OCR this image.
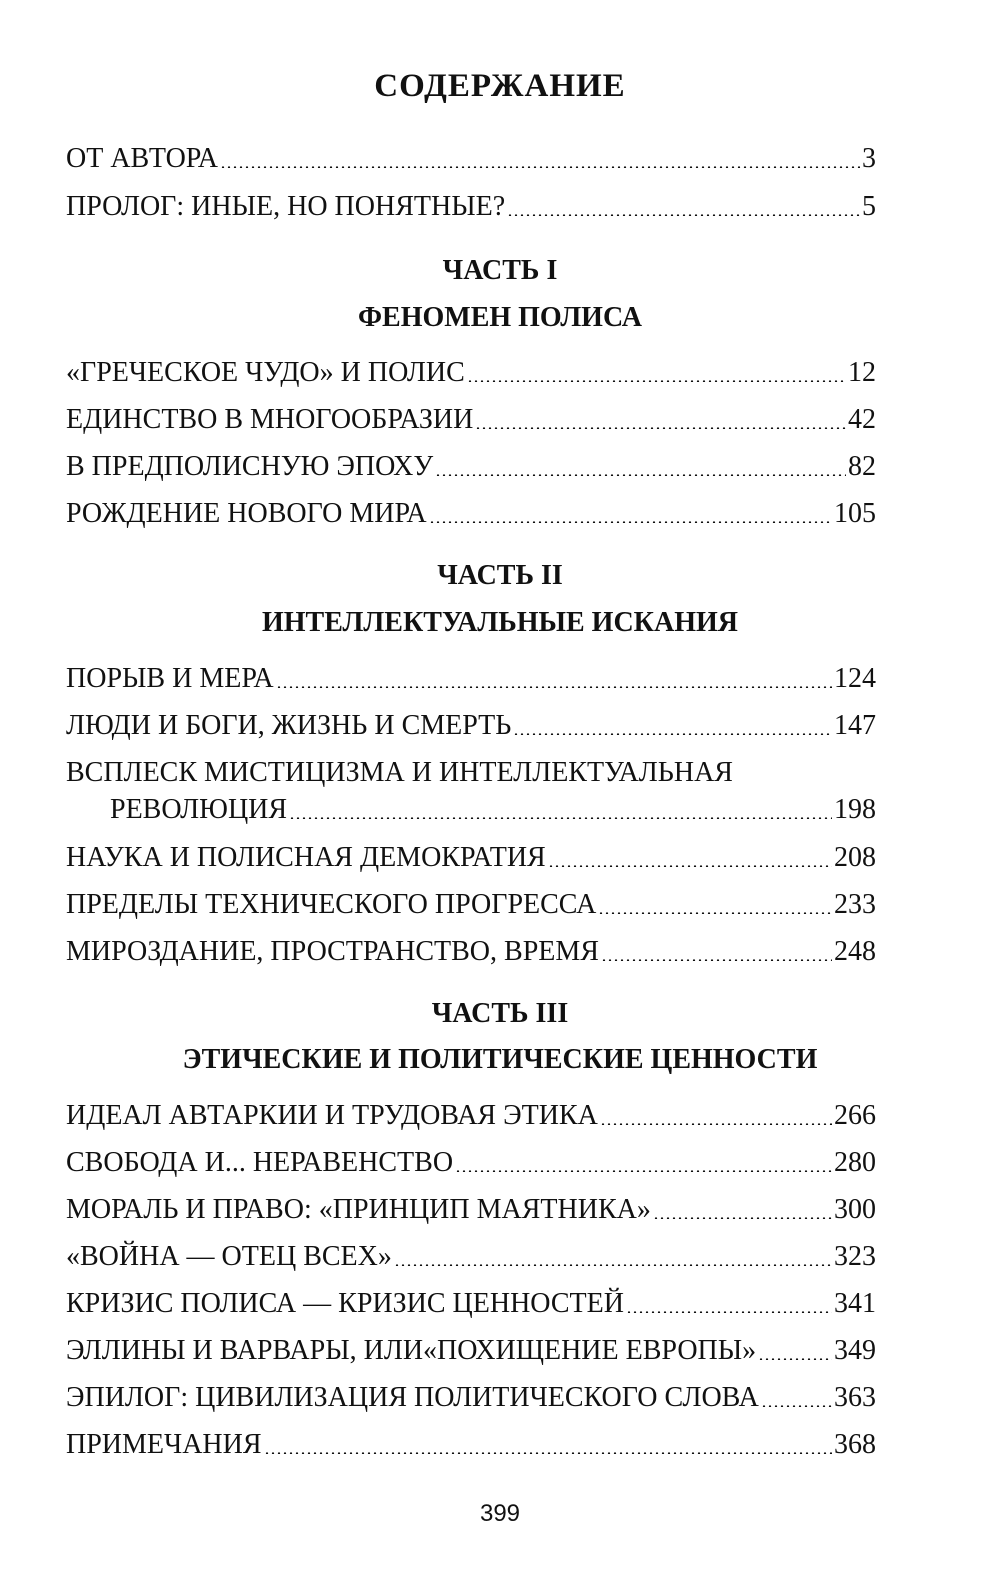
СОДЕРЖАНИЕ
ОТ АВТОРА	3
ПРОЛОГ: ИНЫЕ, НО ПОНЯТНЫЕ?	5
ЧАСТЬ I
ФЕНОМЕН ПОЛИСА
«ГРЕЧЕСКОЕ ЧУДО» И ПОЛИС	12
ЕДИНСТВО В МНОГООБРАЗИИ	42
В ПРЕДПОЛИСНУЮ ЭПОХУ	82
РОЖДЕНИЕ НОВОГО МИРА	105
ЧАСТЬ II
ИНТЕЛЛЕКТУАЛЬНЫЕ ИСКАНИЯ
ПОРЫВ И МЕРА	124
ЛЮДИ И БОГИ, ЖИЗНЬ И СМЕРТЬ	147
ВСПЛЕСК МИСТИЦИЗМА И ИНТЕЛЛЕКТУАЛЬНАЯ
РЕВОЛЮЦИЯ	198
НАУКА И ПОЛИСНАЯ ДЕМОКРАТИЯ	208
ПРЕДЕЛЫ ТЕХНИЧЕСКОГО ПРОГРЕССА	233
МИРОЗДАНИЕ, ПРОСТРАНСТВО, ВРЕМЯ	248
ЧАСТЬ III
ЭТИЧЕСКИЕ И ПОЛИТИЧЕСКИЕ ЦЕННОСТИ
ИДЕАЛ АВТАРКИИ И ТРУДОВАЯ ЭТИКА	266
СВОБОДА И... НЕРАВЕНСТВО	280
МОРАЛЬ И ПРАВО: «ПРИНЦИП МАЯТНИКА»	300
«ВОЙНА — ОТЕЦ ВСЕХ»	323
КРИЗИС ПОЛИСА — КРИЗИС ЦЕННОСТЕЙ	341
ЭЛЛИНЫ И ВАРВАРЫ, ИЛИ«ПОХИЩЕНИЕ ЕВРОПЫ»	349
ЭПИЛОГ: ЦИВИЛИЗАЦИЯ ПОЛИТИЧЕСКОГО СЛОВА	363
ПРИМЕЧАНИЯ	368
399
